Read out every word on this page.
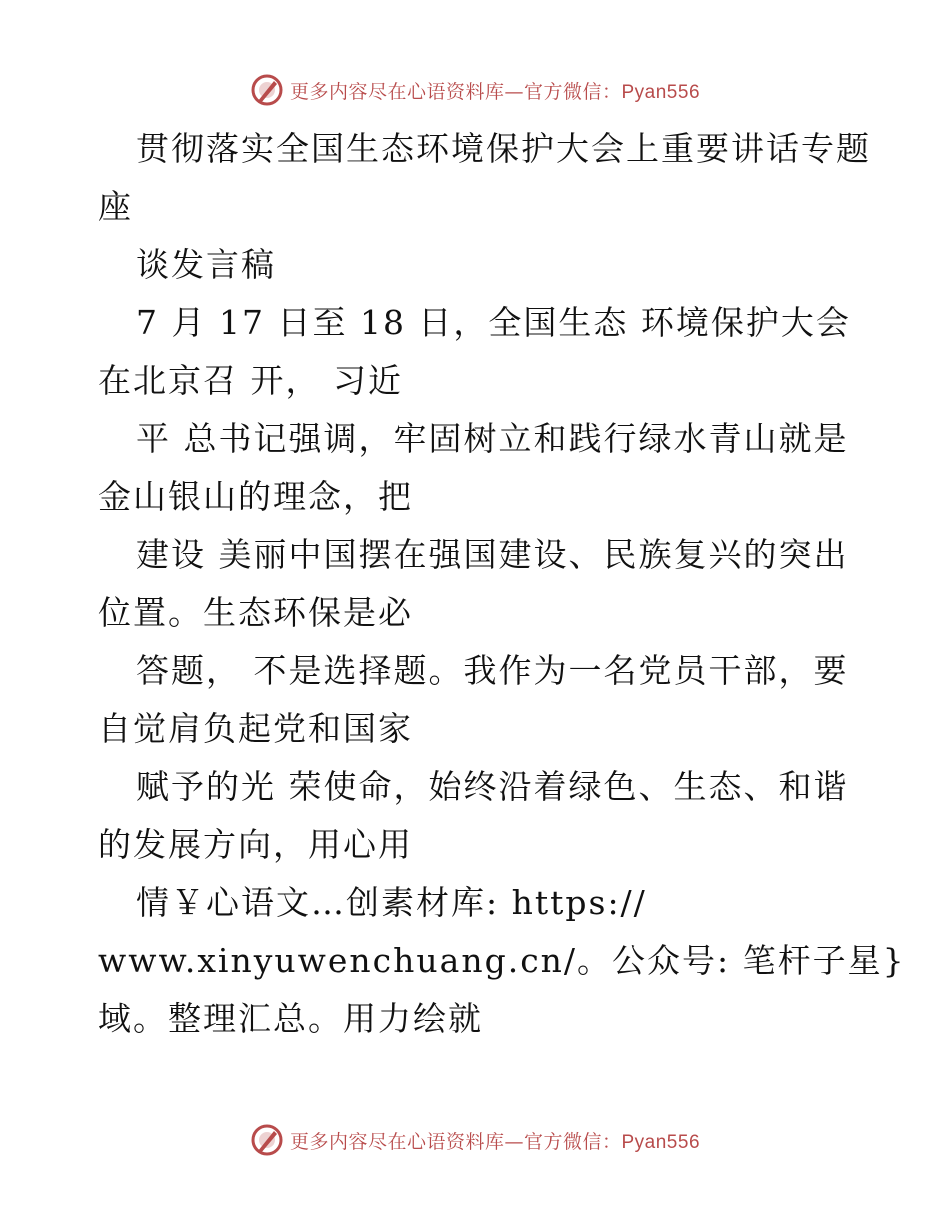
更多内容尽在心语资料库—官方微信：Pyan556

贯彻落实全国生态环境保护大会上重要讲话专题

座

谈发言稿

7 月 17 日至 18 日，全国生态 环境保护大会

在北京召 开， 习近

平 总书记强调，牢固树立和践行绿水青山就是

金山银山的理念，把

建设 美丽中国摆在强国建设、民族复兴的突出

位置。生态环保是必

答题， 不是选择题。我作为一名党员干部，要

自觉肩负起党和国家

赋予的光 荣使命，始终沿着绿色、生态、和谐

的发展方向，用心用

情￥心语文…创素材库: https://

www.xinyuwenchuang.cn/。公众号: 笔杆子星}

域。整理汇总。用力绘就

更多内容尽在心语资料库—官方微信：Pyan556
